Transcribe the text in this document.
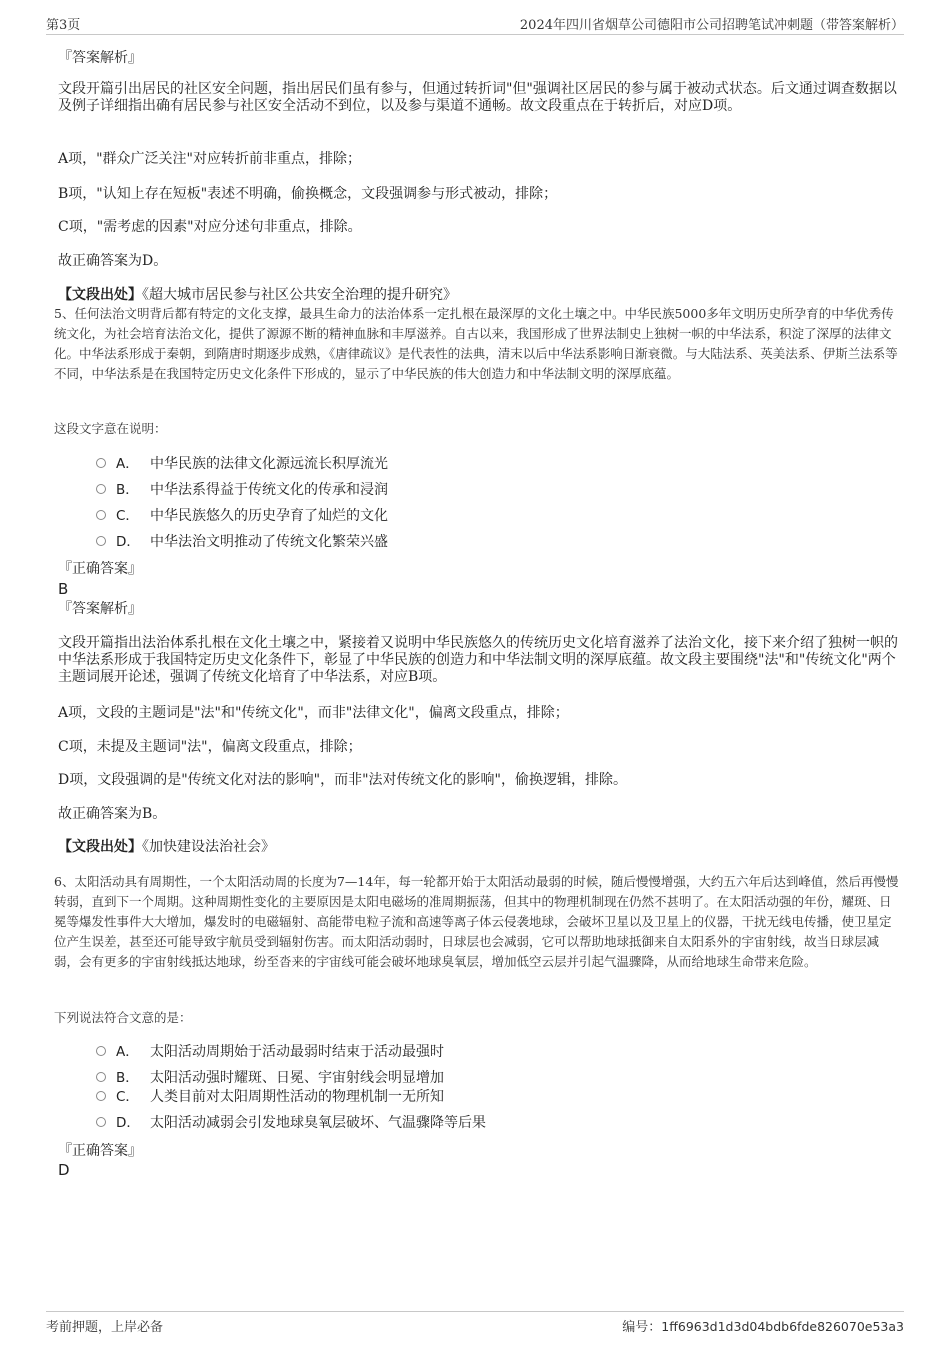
第3页	2024年四川省烟草公司德阳市公司招聘笔试冲刺题（带答案解析）

『答案解析』

文段开篇引出居民的社区安全问题，指出居民们虽有参与，但通过转折词"但"强调社区居民的参与属于被动式状态。后文通过调查数据以及例子详细指出确有居民参与社区安全活动不到位，以及参与渠道不通畅。故文段重点在于转折后，对应D项。

A项，"群众广泛关注"对应转折前非重点，排除；

B项，"认知上存在短板"表述不明确，偷换概念，文段强调参与形式被动，排除；

C项，"需考虑的因素"对应分述句非重点，排除。

故正确答案为D。

【文段出处】《超大城市居民参与社区公共安全治理的提升研究》

5、任何法治文明背后都有特定的文化支撑，最具生命力的法治体系一定扎根在最深厚的文化土壤之中。中华民族5000多年文明历史所孕育的中华优秀传统文化，为社会培育法治文化，提供了源源不断的精神血脉和丰厚滋养。自古以来，我国形成了世界法制史上独树一帜的中华法系，积淀了深厚的法律文化。中华法系形成于秦朝，到隋唐时期逐步成熟，《唐律疏议》是代表性的法典，清末以后中华法系影响日渐衰微。与大陆法系、英美法系、伊斯兰法系等不同，中华法系是在我国特定历史文化条件下形成的，显示了中华民族的伟大创造力和中华法制文明的深厚底蕴。

这段文字意在说明：

A． 中华民族的法律文化源远流长积厚流光
B． 中华法系得益于传统文化的传承和浸润
C． 中华民族悠久的历史孕育了灿烂的文化
D． 中华法治文明推动了传统文化繁荣兴盛

『正确答案』

B

『答案解析』

文段开篇指出法治体系扎根在文化土壤之中，紧接着又说明中华民族悠久的传统历史文化培育滋养了法治文化，接下来介绍了独树一帜的中华法系形成于我国特定历史文化条件下，彰显了中华民族的创造力和中华法制文明的深厚底蕴。故文段主要围绕"法"和"传统文化"两个主题词展开论述，强调了传统文化培育了中华法系，对应B项。

A项，文段的主题词是"法"和"传统文化"，而非"法律文化"，偏离文段重点，排除；

C项，未提及主题词"法"，偏离文段重点，排除；

D项，文段强调的是"传统文化对法的影响"，而非"法对传统文化的影响"，偷换逻辑，排除。

故正确答案为B。

【文段出处】《加快建设法治社会》

6、太阳活动具有周期性，一个太阳活动周的长度为7—14年，每一轮都开始于太阳活动最弱的时候，随后慢慢增强，大约五六年后达到峰值，然后再慢慢转弱，直到下一个周期。这种周期性变化的主要原因是太阳电磁场的准周期振荡，但其中的物理机制现在仍然不甚明了。在太阳活动强的年份，耀斑、日冕等爆发性事件大大增加，爆发时的电磁辐射、高能带电粒子流和高速等离子体云侵袭地球，会破坏卫星以及卫星上的仪器，干扰无线电传播，使卫星定位产生误差，甚至还可能导致宇航员受到辐射伤害。而太阳活动弱时，日球层也会减弱，它可以帮助地球抵御来自太阳系外的宇宙射线，故当日球层减弱，会有更多的宇宙射线抵达地球，纷至沓来的宇宙线可能会破坏地球臭氧层，增加低空云层并引起气温骤降，从而给地球生命带来危险。

下列说法符合文意的是：

A． 太阳活动周期始于活动最弱时结束于活动最强时
B． 太阳活动强时耀斑、日冕、宇宙射线会明显增加
C． 人类目前对太阳周期性活动的物理机制一无所知
D． 太阳活动减弱会引发地球臭氧层破坏、气温骤降等后果

『正确答案』

D

考前押题，上岸必备	编号：1ff6963d1d3d04bdb6fde826070e53a3
